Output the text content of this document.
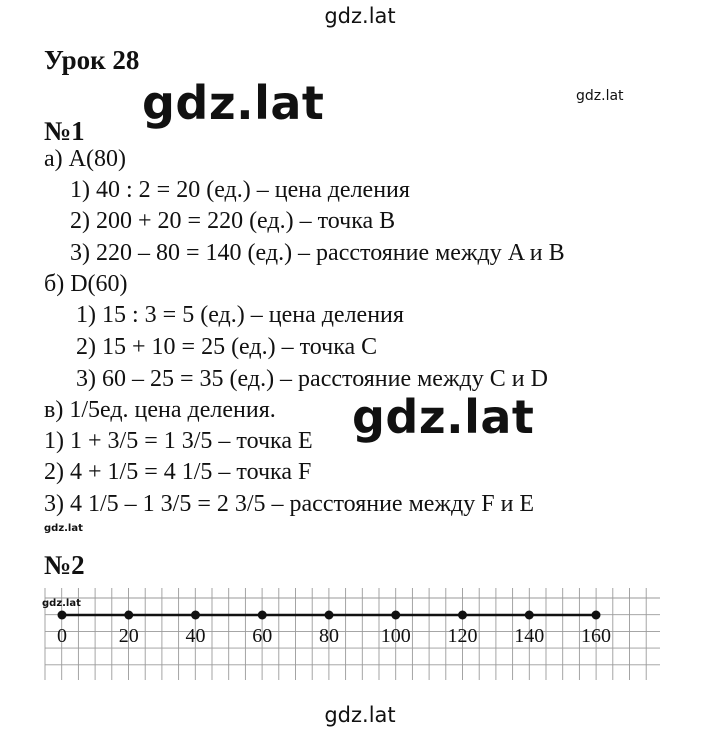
gdz.lat
Урок 28
gdz.lat	gdz.lat
№1
а) A(80)
1) 40 : 2 = 20 (ед.) – цена деления
2) 200 + 20 = 220 (ед.) – точка B
3) 220 – 80 = 140 (ед.) – расстояние между A и B
б) D(60)
1) 15 : 3 = 5 (ед.) – цена деления
2) 15 + 10 = 25 (ед.) – точка C
3) 60 – 25 = 35 (ед.) – расстояние между C и D
в) 1/5ед. цена деления.
1) 1 + 3/5 = 1 3/5 – точка E
2) 4 + 1/5 = 4 1/5 – точка F
3) 4 1/5 – 1 3/5 = 2 3/5 – расстояние между F и E
gdz.lat
gdz.lat
№2
0	20 40 60 80 100 120 140 160
gdz.lat
gdz.lat
